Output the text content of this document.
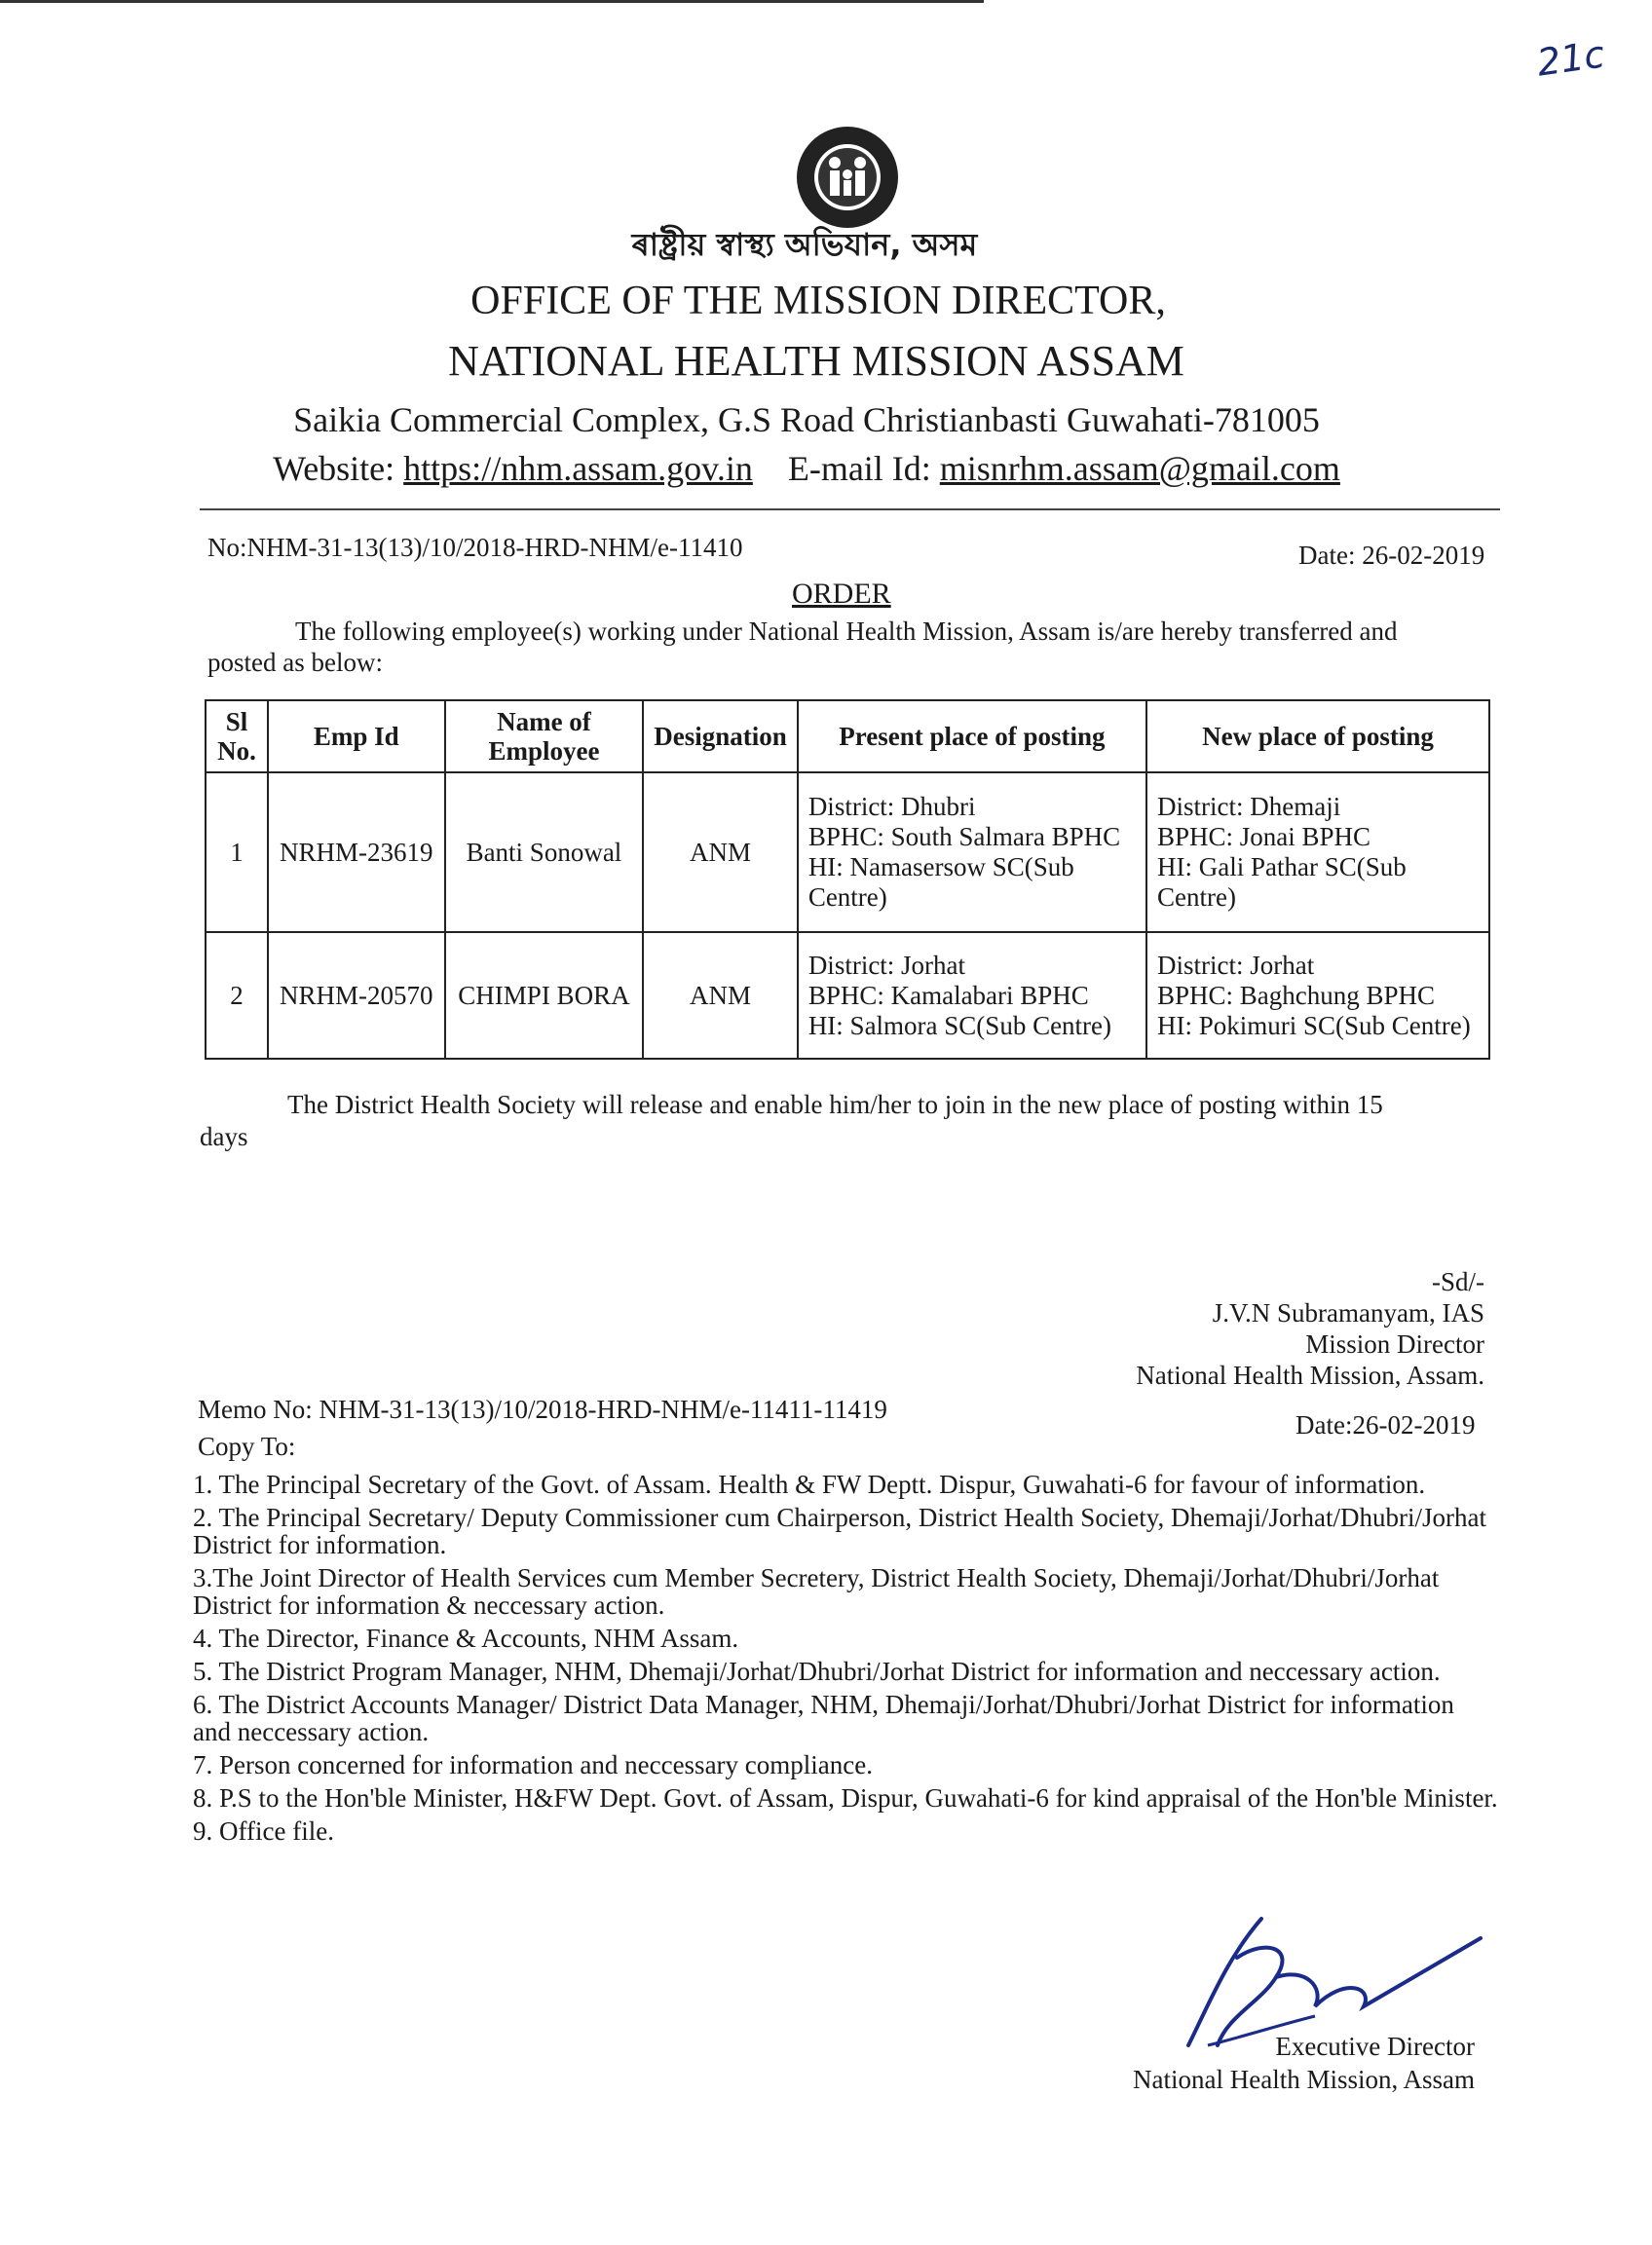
21c
ৰাষ্ট্ৰীয় স্বাস্থ্য অভিযান, অসম
OFFICE OF THE MISSION DIRECTOR,
NATIONAL HEALTH MISSION ASSAM
Saikia Commercial Complex, G.S Road Christianbasti Guwahati-781005
Website: https://nhm.assam.gov.in E-mail Id: misnrhm.assam@gmail.com
No:NHM-31-13(13)/10/2018-HRD-NHM/e-11410	Date: 26-02-2019
ORDER
The following employee(s) working under National Health Mission, Assam is/are hereby transferred and
posted as below:
Sl No.	Emp Id	Name of Employee	Designation	Present place of posting	New place of posting
1	NRHM-23619	Banti Sonowal	ANM	District: Dhubri
BPHC: South Salmara BPHC
HI: Namasersow SC(Sub Centre)	District: Dhemaji
BPHC: Jonai BPHC
HI: Gali Pathar SC(Sub Centre)

2	NRHM-20570	CHIMPI BORA	ANM	District: Jorhat
BPHC: Kamalabari BPHC
HI: Salmora SC(Sub Centre)	District: Jorhat
BPHC: Baghchung BPHC
HI: Pokimuri SC(Sub Centre)
The District Health Society will release and enable him/her to join in the new place of posting within 15
days
-Sd/-
J.V.N Subramanyam, IAS
Mission Director
National Health Mission, Assam.
Memo No: NHM-31-13(13)/10/2018-HRD-NHM/e-11411-11419
Date:26-02-2019
Copy To:
1. The Principal Secretary of the Govt. of Assam. Health & FW Deptt. Dispur, Guwahati-6 for favour of information.
2. The Principal Secretary/ Deputy Commissioner cum Chairperson, District Health Society, Dhemaji/Jorhat/Dhubri/Jorhat District for information.
3.The Joint Director of Health Services cum Member Secretery, District Health Society, Dhemaji/Jorhat/Dhubri/Jorhat District for information & neccessary action.
4. The Director, Finance & Accounts, NHM Assam.
5. The District Program Manager, NHM, Dhemaji/Jorhat/Dhubri/Jorhat District for information and neccessary action.
6. The District Accounts Manager/ District Data Manager, NHM, Dhemaji/Jorhat/Dhubri/Jorhat District for information and neccessary action.
7. Person concerned for information and neccessary compliance.
8. P.S to the Hon'ble Minister, H&FW Dept. Govt. of Assam, Dispur, Guwahati-6 for kind appraisal of the Hon'ble Minister.
9. Office file.
Executive Director
National Health Mission, Assam
